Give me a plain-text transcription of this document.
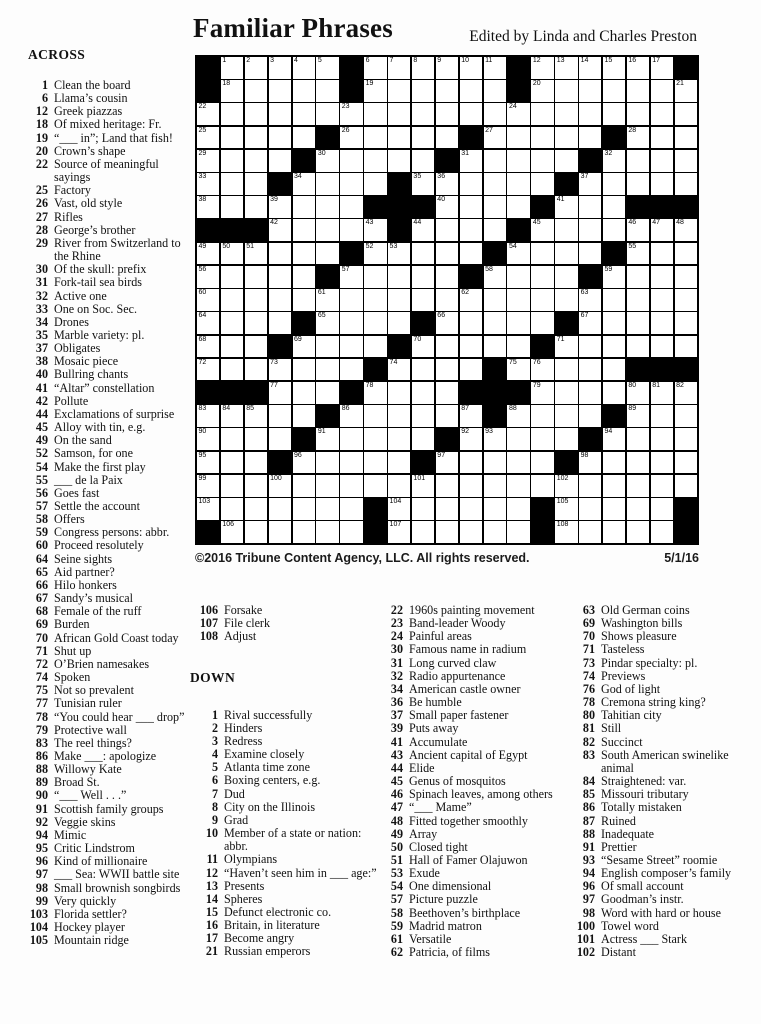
Familiar Phrases	Edited by Linda and Charles Preston
ACROSS
1 Clean the board
6 Llama’s cousin
12 Greek piazzas
18 Of mixed heritage: Fr.
19 “___ in”; Land that fish!
20 Crown’s shape
22 Source of meaningful sayings
25 Factory
26 Vast, old style
27 Rifles
28 George’s brother
29 River from Switzerland to the Rhine
30 Of the skull: prefix
31 Fork-tail sea birds
32 Active one
33 One on Soc. Sec.
34 Drones
35 Marble variety: pl.
37 Obligates
38 Mosaic piece
40 Bullring chants
41 “Altar” constellation
42 Pollute
44 Exclamations of surprise
45 Alloy with tin, e.g.
49 On the sand
52 Samson, for one
54 Make the first play
55 ___ de la Paix
56 Goes fast
57 Settle the account
58 Offers
59 Congress persons: abbr.
60 Proceed resolutely
64 Seine sights
65 Aid partner?
66 Hilo honkers
67 Sandy’s musical
68 Female of the ruff
69 Burden
70 African Gold Coast today
71 Shut up
72 O’Brien namesakes
74 Spoken
75 Not so prevalent
77 Tunisian ruler
78 “You could hear ___ drop”
79 Protective wall
83 The reel things?
86 Make ___: apologize
88 Willowy Kate
89 Broad St.
90 “___ Well . . .”
91 Scottish family groups
92 Veggie skins
94 Mimic
95 Critic Lindstrom
96 Kind of millionaire
97 ___ Sea: WWII battle site
98 Small brownish songbirds
99 Very quickly
103 Florida settler?
104 Hockey player
105 Mountain ridge
1	2	3	4	5	6	7	8	9	10 11	12 13 14 15 16 17
18	19	20	21
22	23	24
25	26	27	28
29	30	31	32
33	34	35 36	37
38	39	40	41
42	43	44	45	46 47 48
49 50 51	52 53	54	55
56	57	58	59
60	61	62	63
64	65	66	67
68	69	70	71
72	73	74	75 76
77	78	79	80 81 82
83 84 85	86	87	88	89
90	91	92 93	94
95	96	97	98
99	100	101	102
103	104	105
106	107	108
©2016 Tribune Content Agency, LLC. All rights reserved.	5/1/16
106 Forsake
107 File clerk
108 Adjust
DOWN
1 Rival successfully
2 Hinders
3 Redress
4 Examine closely
5 Atlanta time zone
6 Boxing centers, e.g.
7 Dud
8 City on the Illinois
9 Grad
10 Member of a state or nation: abbr.
11 Olympians
12 “Haven’t seen him in ___ age:”
13 Presents
14 Spheres
15 Defunct electronic co.
16 Britain, in literature
17 Become angry
21 Russian emperors
22 1960s painting movement
23 Band-leader Woody
24 Painful areas
30 Famous name in radium
31 Long curved claw
32 Radio appurtenance
34 American castle owner
36 Be humble
37 Small paper fastener
39 Puts away
41 Accumulate
43 Ancient capital of Egypt
44 Elide
45 Genus of mosquitos
46 Spinach leaves, among others
47 “___ Mame”
48 Fitted together smoothly
49 Array
50 Closed tight
51 Hall of Famer Olajuwon
53 Exude
54 One dimensional
57 Picture puzzle
58 Beethoven’s birthplace
59 Madrid matron
61 Versatile
62 Patricia, of films
63 Old German coins
69 Washington bills
70 Shows pleasure
71 Tasteless
73 Pindar specialty: pl.
74 Previews
76 God of light
78 Cremona string king?
80 Tahitian city
81 Still
82 Succinct
83 South American swinelike animal
84 Straightened: var.
85 Missouri tributary
86 Totally mistaken
87 Ruined
88 Inadequate
91 Prettier
93 “Sesame Street” roomie
94 English composer’s family
96 Of small account
97 Goodman’s instr.
98 Word with hard or house
100 Towel word
101 Actress ___ Stark
102 Distant
